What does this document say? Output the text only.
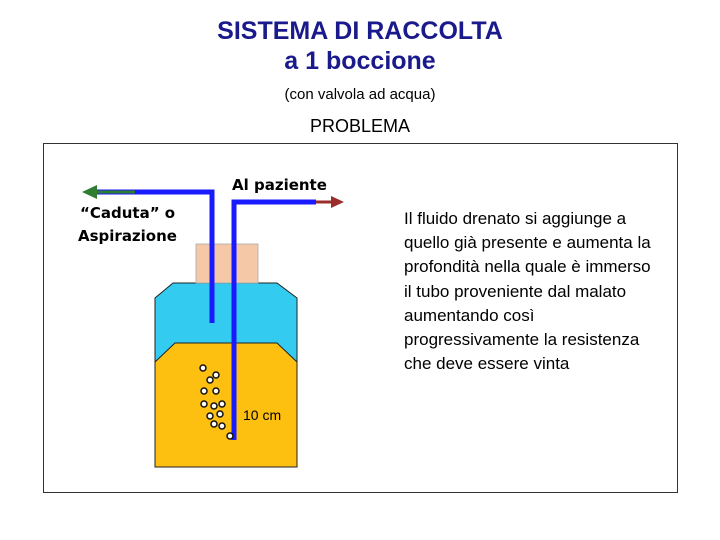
SISTEMA DI RACCOLTA
a 1 boccione
(con valvola ad acqua)
PROBLEMA
Al paziente
“Caduta” o
Aspirazione
10 cm

Il fluido drenato si aggiunge a quello già presente e aumenta la profondità nella quale è immerso il tubo proveniente dal malato aumentando così progressivamente la resistenza che deve essere vinta
